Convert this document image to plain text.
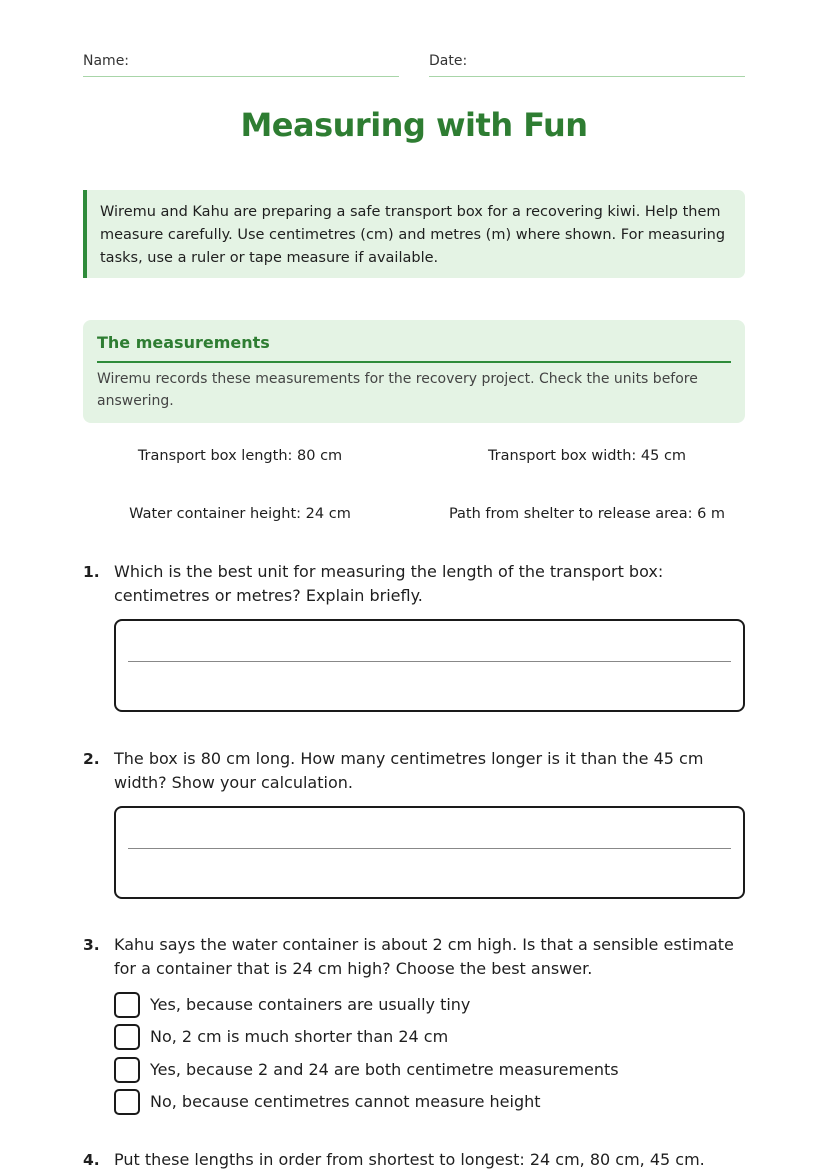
Name:	Date:
Measuring with Fun

Wiremu and Kahu are preparing a safe transport box for a recovering kiwi. Help them measure carefully. Use centimetres (cm) and metres (m) where shown. For measuring tasks, use a ruler or tape measure if available.

The measurements
Wiremu records these measurements for the recovery project. Check the units before answering.
Transport box length: 80 cm	Transport box width: 45 cm
Water container height: 24 cm	Path from shelter to release area: 6 m
1. Which is the best unit for measuring the length of the transport box: centimetres or metres? Explain briefly.
2. The box is 80 cm long. How many centimetres longer is it than the 45 cm width? Show your calculation.
3. Kahu says the water container is about 2 cm high. Is that a sensible estimate for a container that is 24 cm high? Choose the best answer.
Yes, because containers are usually tiny
No, 2 cm is much shorter than 24 cm
Yes, because 2 and 24 are both centimetre measurements
No, because centimetres cannot measure height
4. Put these lengths in order from shortest to longest: 24 cm, 80 cm, 45 cm.
